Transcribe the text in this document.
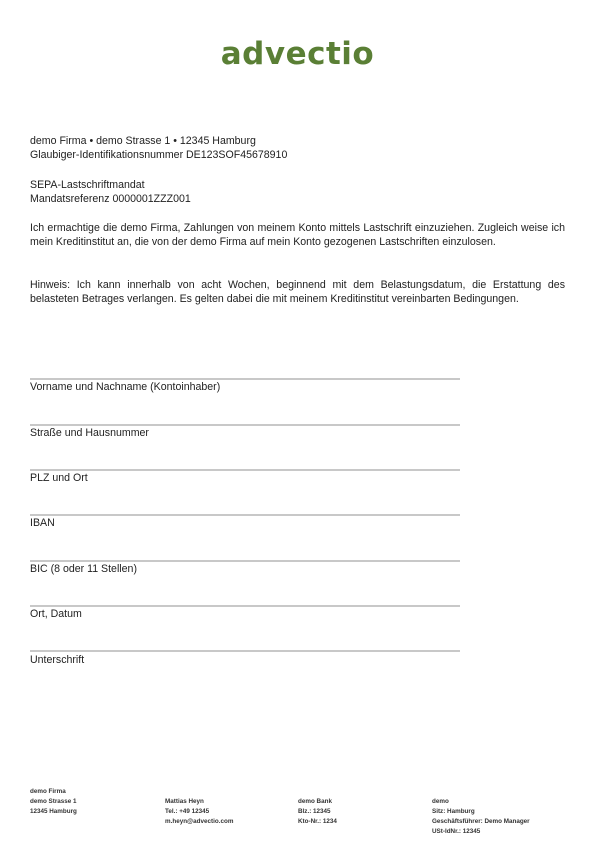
advectio
demo Firma • demo Strasse 1 • 12345 Hamburg
Glaubiger-Identifikationsnummer DE123SOF45678910
SEPA-Lastschriftmandat
Mandatsreferenz 0000001ZZZ001
Ich ermachtige die demo Firma, Zahlungen von meinem Konto mittels Lastschrift einzuziehen. Zugleich weise ich mein Kreditinstitut an, die von der demo Firma auf mein Konto gezogenen Lastschriften einzulosen.
Hinweis: Ich kann innerhalb von acht Wochen, beginnend mit dem Belastungsdatum, die Erstattung des belasteten Betrages verlangen. Es gelten dabei die mit meinem Kreditinstitut vereinbarten Bedingungen.
Vorname und Nachname (Kontoinhaber)
Straße und Hausnummer
PLZ und Ort
IBAN
BIC (8 oder 11 Stellen)
Ort, Datum
Unterschrift
demo Firma
demo Strasse 1
12345 Hamburg
Mattias Heyn
Tel.: +49 12345
m.heyn@advectio.com
demo Bank
Blz.: 12345
Kto-Nr.: 1234
demo
Sitz: Hamburg
Geschäftsführer: Demo Manager
USt-IdNr.: 12345
